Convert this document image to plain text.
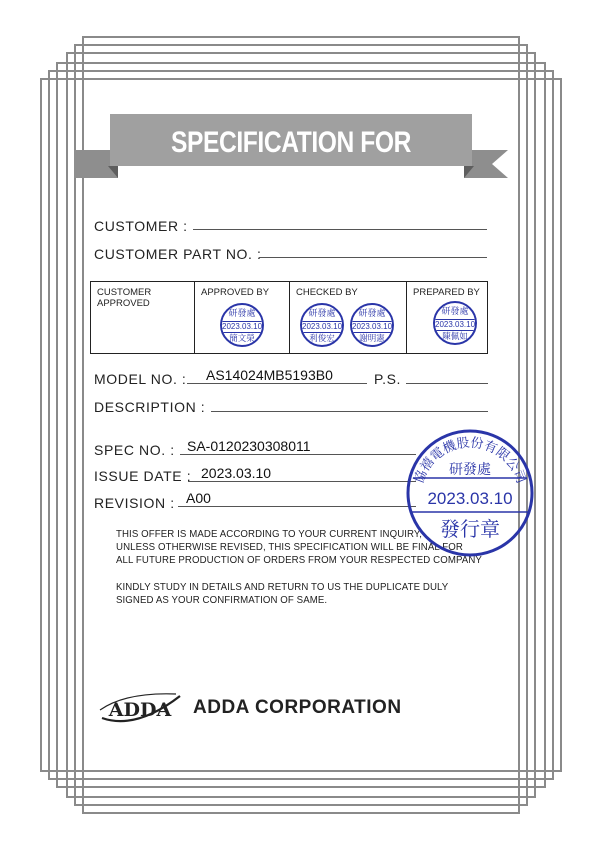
SPECIFICATION FOR APPROVAL
CUSTOMER :
CUSTOMER PART NO. :
CUSTOMER
APPROVED
APPROVED BY
研發處
2023.03.10
簡文榮
CHECKED BY
研發處
2023.03.10
利俊宏
研發處
2023.03.10
謝明憲
PREPARED BY
研發處
2023.03.10
陳佩如
MODEL NO. : AS14024MB5193B0	P.S.
DESCRIPTION :
SPEC NO. : SA-0120230308011
ISSUE DATE : 2023.03.10
REVISION : A00
THIS OFFER IS MADE ACCORDING TO YOUR CURRENT INQUIRY,
UNLESS OTHERWISE REVISED, THIS SPECIFICATION WILL BE FINAL FOR
ALL FUTURE PRODUCTION OF ORDERS FROM YOUR RESPECTED COMPANY
KINDLY STUDY IN DETAILS AND RETURN TO US THE DUPLICATE DULY
SIGNED AS YOUR CONFIRMATION OF SAME.
協禧電機股份有限公司
研發處
2023.03.10
發行章
ADDA ADDA CORPORATION
